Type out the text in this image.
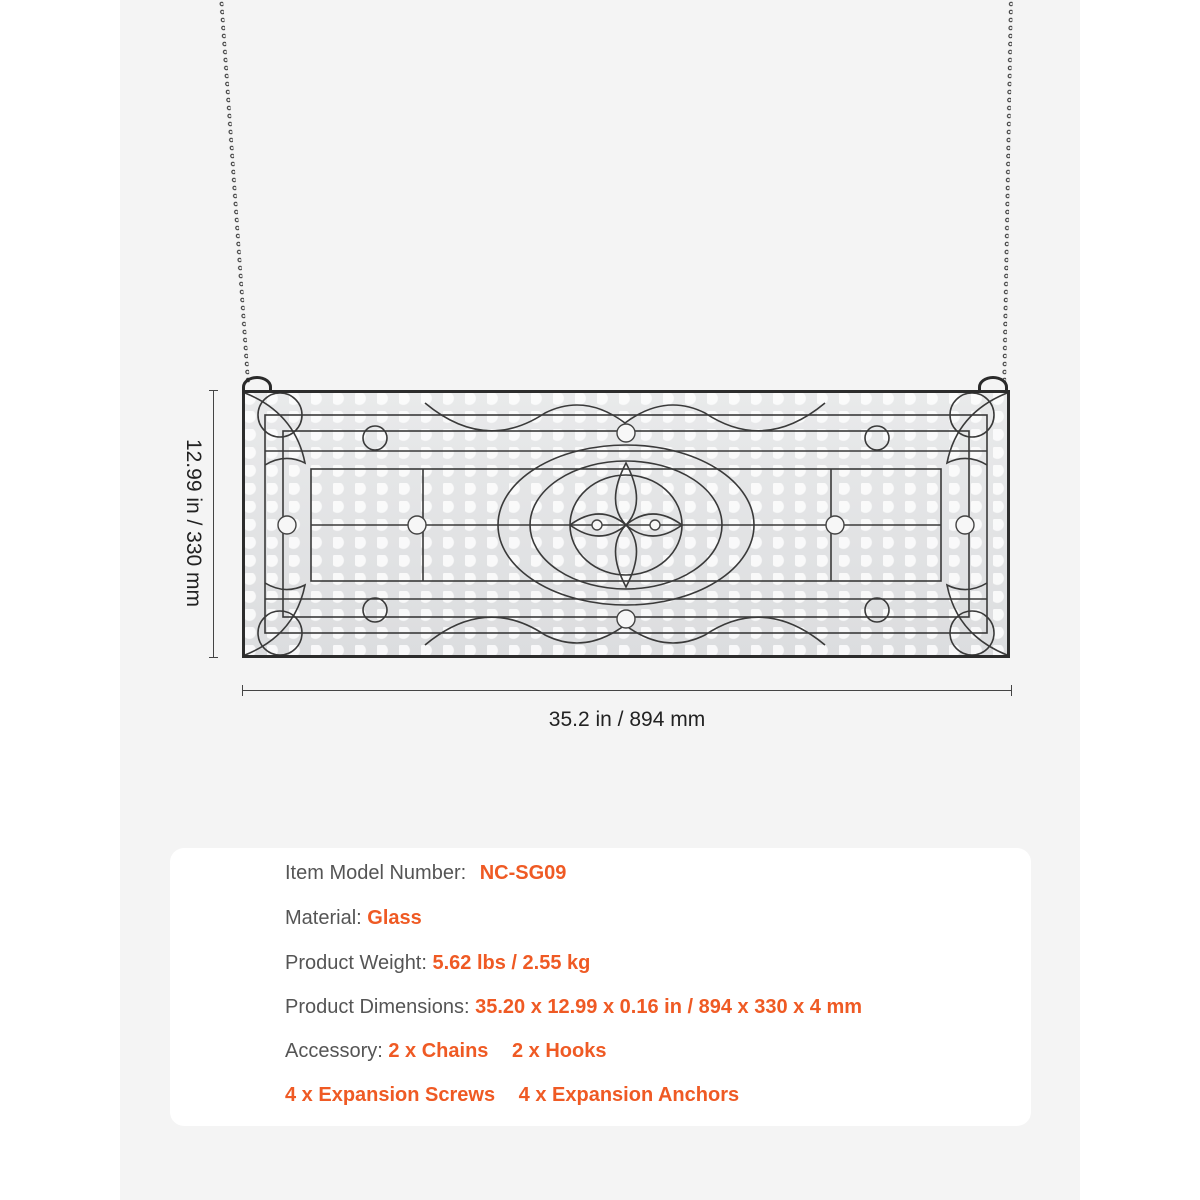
12.99 in / 330 mm
35.2 in / 894 mm
Item Model Number: NC-SG09
Material: Glass
Product Weight: 5.62 lbs / 2.55 kg
Product Dimensions: 35.20 x 12.99 x 0.16 in / 894 x 330 x 4 mm
Accessory: 2 x Chains 2 x Hooks
4 x Expansion Screws 4 x Expansion Anchors
